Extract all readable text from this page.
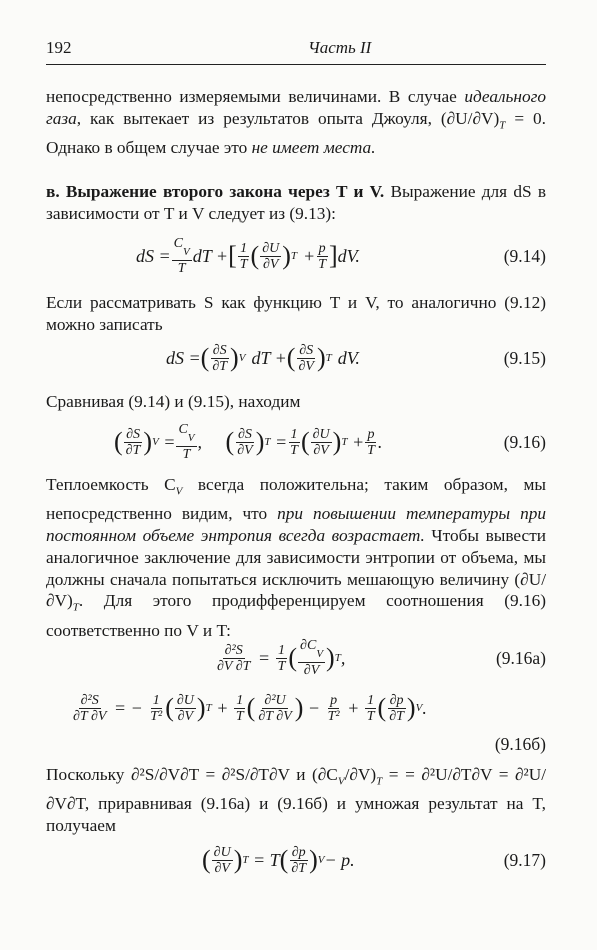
192	Часть II
непосредственно измеряемыми величинами. В случае идеального газа, как вытекает из результатов опыта Джоуля, $(\partial U/\partial V)_T = 0$. Однако в общем случае это не имеет места.
в. Выражение второго закона через T и V. Выражение для dS в зависимости от T и V следует из (9.13):
dS = $\frac{C_V}{T}$ dT + [ $\frac{1}{T}$ ( $\frac{\partial U}{\partial V}$ ) $T + \frac{p}{T}$ ] dV.	(9.14)
Если рассматривать S как функцию T и V, то аналогично (9.12) можно записать
dS = ( $\frac{\partial S}{\partial T}$ ) V dT + ( $\frac{\partial S}{\partial V}$ ) T dV.	(9.15)
Сравнивая (9.14) и (9.15), находим
( $\frac{\partial S}{\partial T}$ ) $V = \frac{C_V}{T}$ , ( $\frac{\partial S}{\partial V}$ ) $T = \frac{1}{T}$ ( $\frac{\partial U}{\partial V}$ ) $T + \frac{p}{T}$ .	(9.16)
Теплоемкость $C_V$ всегда положительна; таким образом, мы непосредственно видим, что при повышении температуры при постоянном объеме энтропия всегда возрастает. Чтобы вывести аналогичное заключение для зависимости энтропии от объема, мы должны сначала попытаться исключить мешающую величину $(\partial U/\partial V)_T$. Для этого продифференцируем соотношения (9.16) соответственно по V и T:
$\frac{\text{∂²S}}{\partial V \partial T} = \frac{1}{T}$ ( $\frac{\partial C_V}{\partial V}$ ) T ,	(9.16a)
$\frac{\text{∂²S}}{\partial T \partial V}$ = − $\frac{1}{\text{T²}}$ ( $\frac{\partial U}{\partial V}$ ) $T + \frac{1}{T}$ ( $\frac{\text{∂²U}}{\partial T \partial V}$ ) − $\frac{p}{\text{T²}} + \frac{1}{T}$ ( $\frac{\partial p}{\partial T}$ ) V .
(9.16б)
Поскольку ∂²S/∂V∂T = ∂²S/∂T∂V и $(\partial C_V/\partial V)_T$ = = ∂²U/∂T∂V = ∂²U/∂V∂T, приравнивая (9.16а) и (9.16б) и умножая результат на T, получаем
( $\frac{\partial U}{\partial V}$ ) T = T ( $\frac{\partial p}{\partial T}$ ) V − p.	(9.17)
